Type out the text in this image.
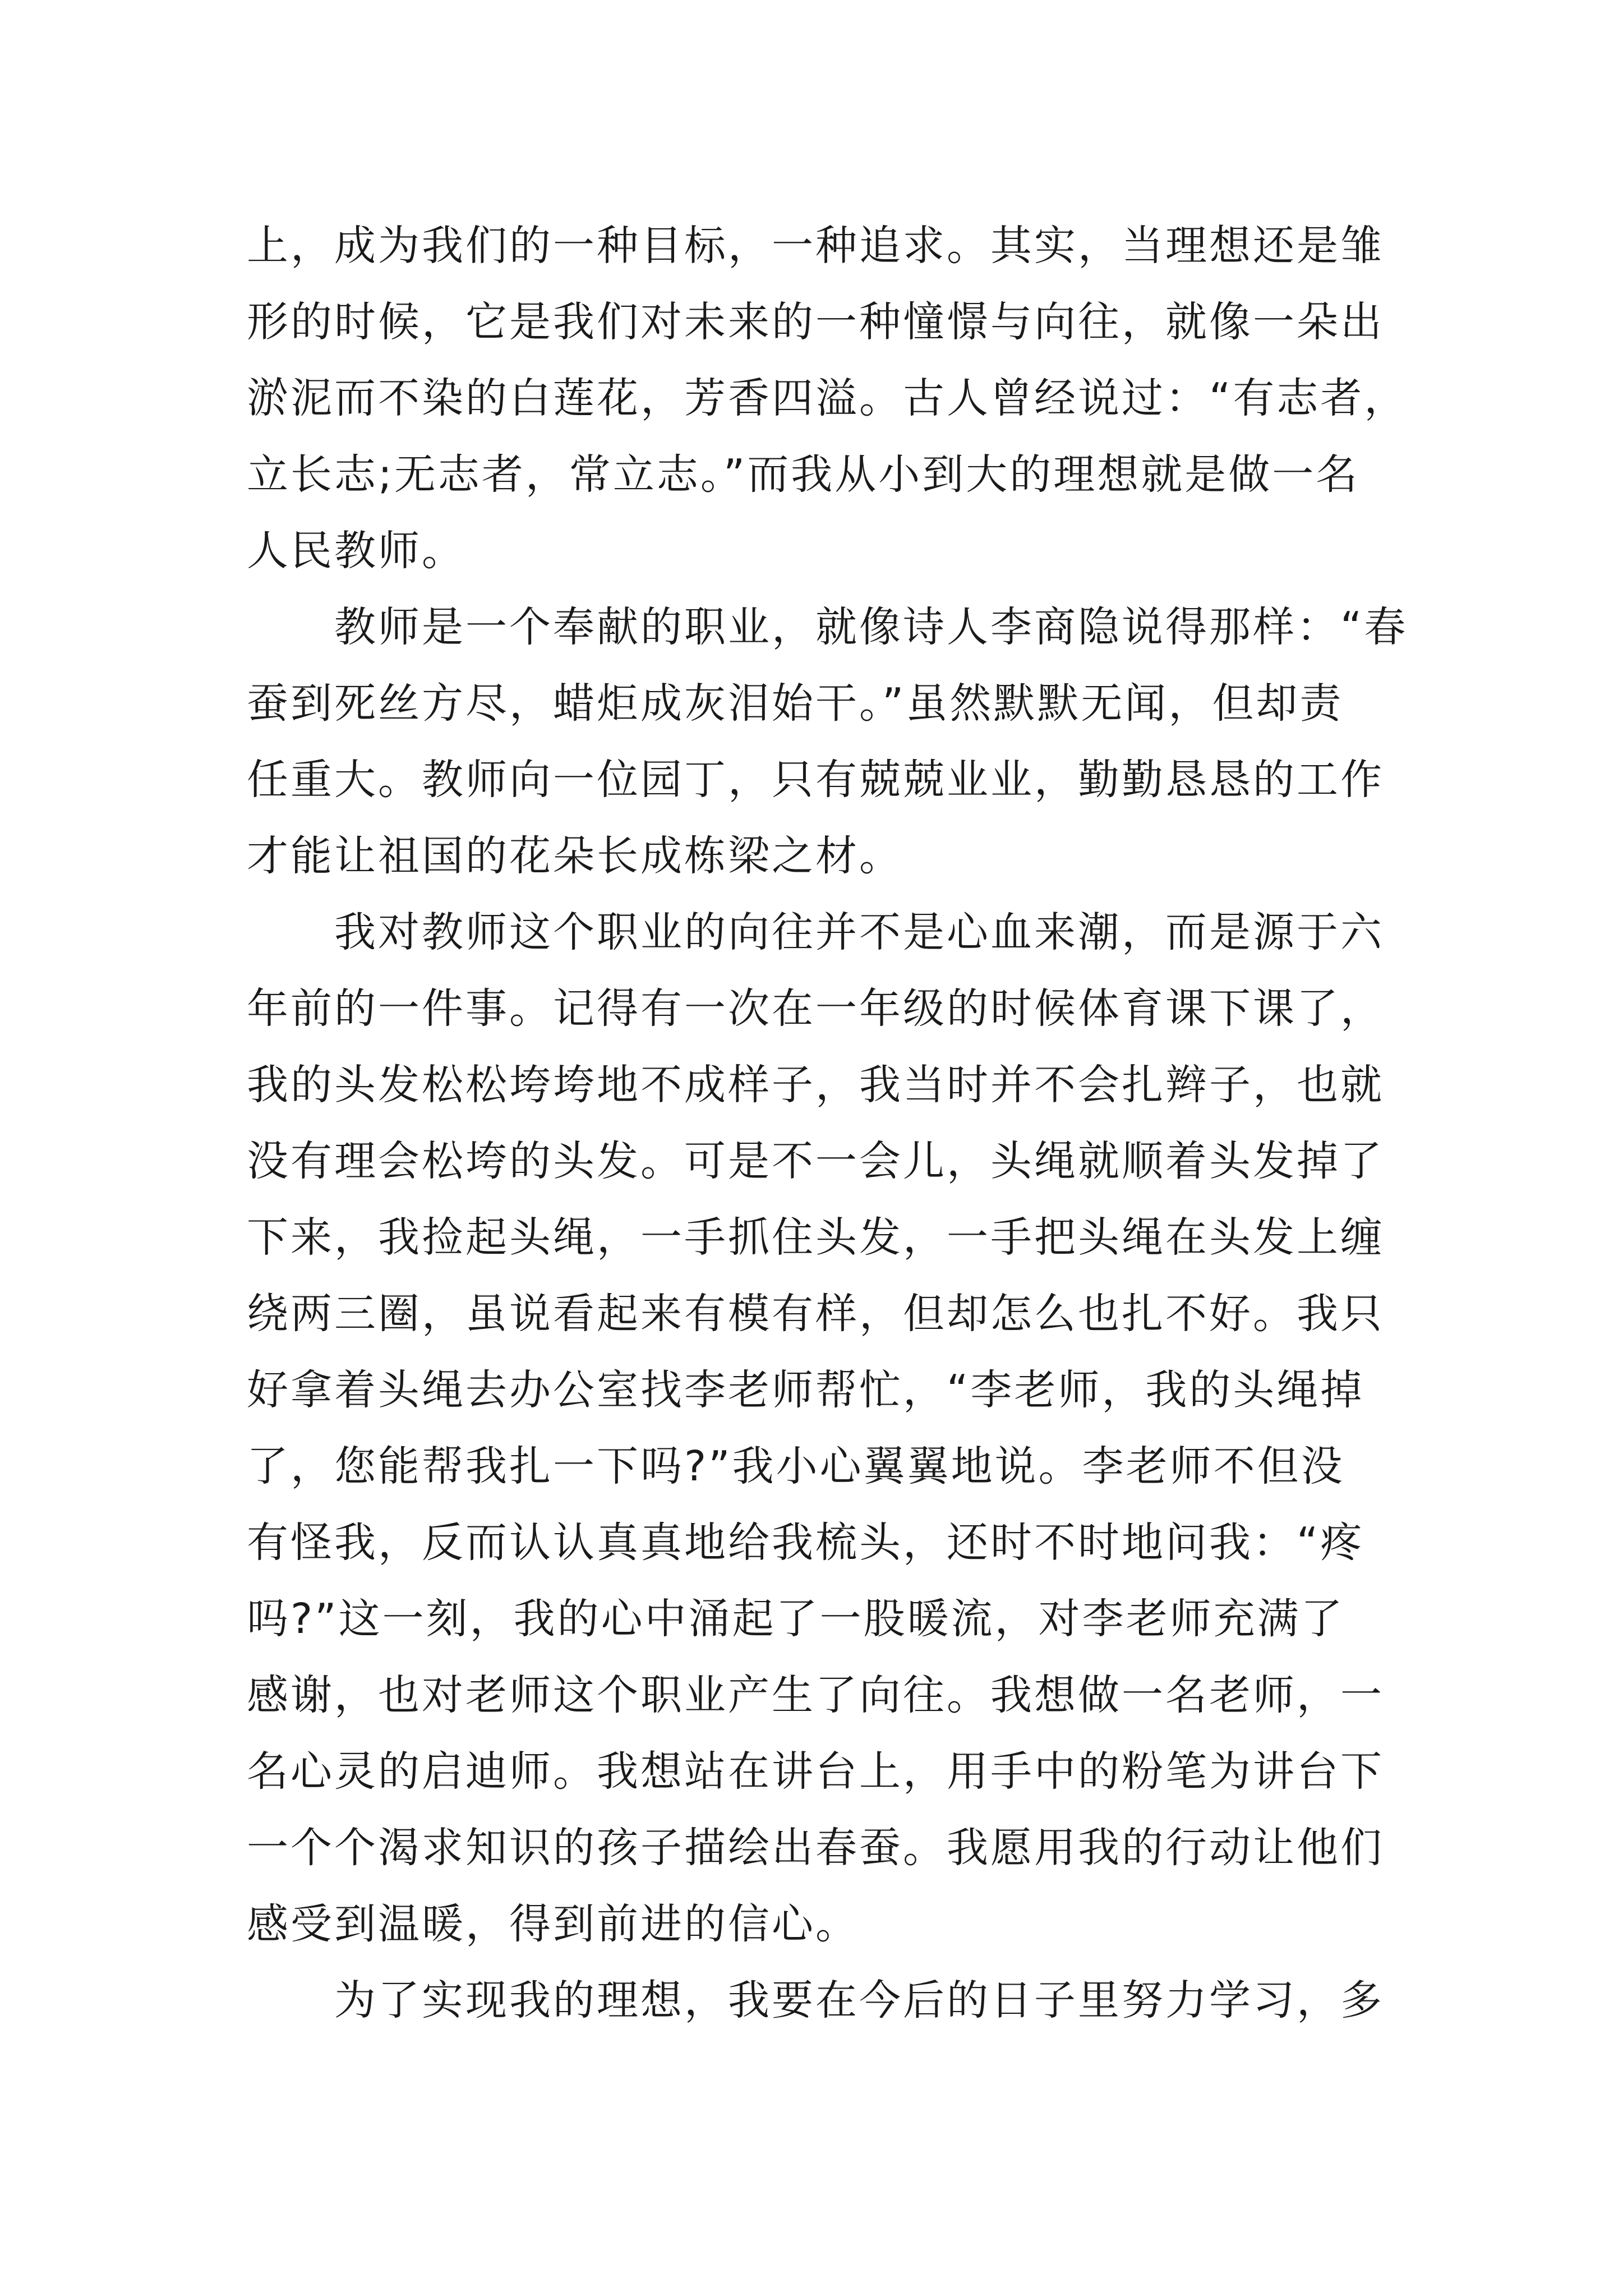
上，成为我们的一种目标，一种追求。其实，当理想还是雏
形的时候，它是我们对未来的一种憧憬与向往，就像一朵出
淤泥而不染的白莲花，芳香四溢。古人曾经说过：“有志者，
立长志;无志者，常立志。”而我从小到大的理想就是做一名
人民教师。
教师是一个奉献的职业，就像诗人李商隐说得那样：“春
蚕到死丝方尽，蜡炬成灰泪始干。”虽然默默无闻，但却责
任重大。教师向一位园丁，只有兢兢业业，勤勤恳恳的工作
才能让祖国的花朵长成栋梁之材。
我对教师这个职业的向往并不是心血来潮，而是源于六
年前的一件事。记得有一次在一年级的时候体育课下课了，
我的头发松松垮垮地不成样子，我当时并不会扎辫子，也就
没有理会松垮的头发。可是不一会儿，头绳就顺着头发掉了
下来，我捡起头绳，一手抓住头发，一手把头绳在头发上缠
绕两三圈，虽说看起来有模有样，但却怎么也扎不好。我只
好拿着头绳去办公室找李老师帮忙，“李老师，我的头绳掉
了，您能帮我扎一下吗?”我小心翼翼地说。李老师不但没
有怪我，反而认认真真地给我梳头，还时不时地问我：“疼
吗?”这一刻，我的心中涌起了一股暖流，对李老师充满了
感谢，也对老师这个职业产生了向往。我想做一名老师，一
名心灵的启迪师。我想站在讲台上，用手中的粉笔为讲台下
一个个渴求知识的孩子描绘出春蚕。我愿用我的行动让他们
感受到温暖，得到前进的信心。
为了实现我的理想，我要在今后的日子里努力学习，多
